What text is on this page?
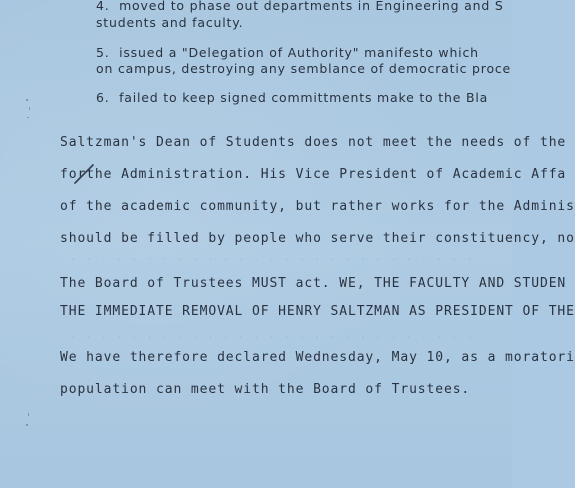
. . . . . . . . . . . . . . . . . . . . . . . . . . .
. . . . . . . . . . . . . . . . . . . . . . . . . . .
4. moved to phase out departments in Engineering and S
students and faculty.
5. issued a "Delegation of Authority" manifesto which
on campus, destroying any semblance of democratic proce
6. failed to keep signed committments make to the Bla
Saltzman's Dean of Students does not meet the needs of the
forthe Administration. His Vice President of Academic Affa
of the academic community, but rather works for the Adminis
should be filled by people who serve their constituency, no
The Board of Trustees MUST act. WE, THE FACULTY AND STUDEN
THE IMMEDIATE REMOVAL OF HENRY SALTZMAN AS PRESIDENT OF THE
We have therefore declared Wednesday, May 10, as a moratori
population can meet with the Board of Trustees.
